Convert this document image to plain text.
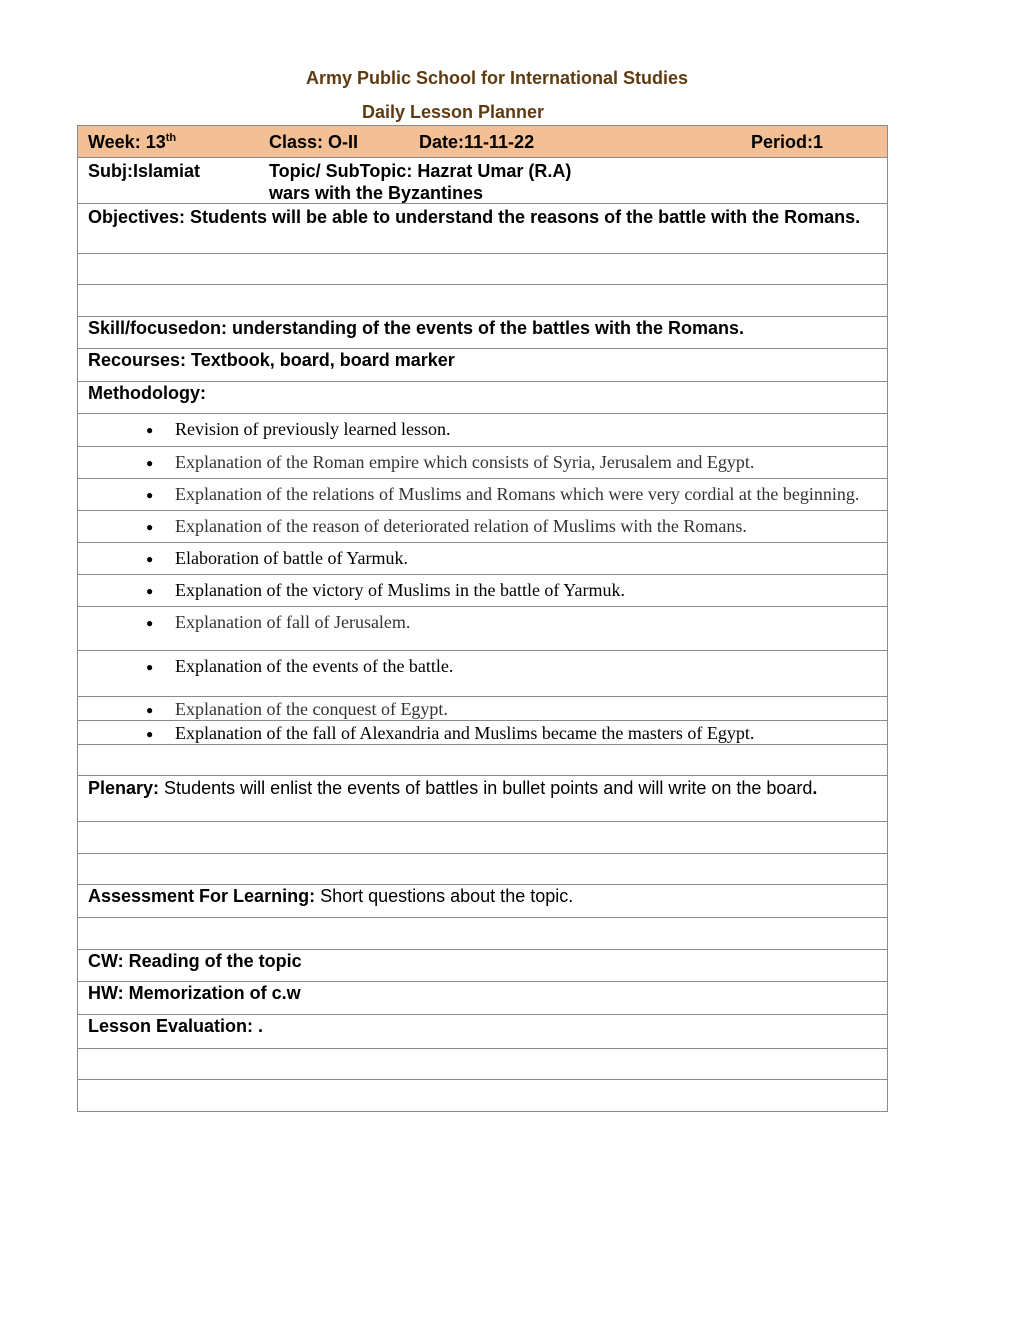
Army Public School for International Studies
Daily Lesson Planner
Week: 13th	Class: O-II	Date:11-11-22	Period:1

Subj:Islamiat	Topic/ SubTopic: Hazrat Umar (R.A)
wars with the Byzantines

Objectives: Students will be able to understand the reasons of the battle with the Romans.

Skill/focusedon: understanding of the events of the battles with the Romans.
Recourses: Textbook, board, board marker
Methodology:

● Revision of previously learned lesson.

● Explanation of the Roman empire which consists of Syria, Jerusalem and Egypt.

● Explanation of the relations of Muslims and Romans which were very cordial at the beginning.

● Explanation of the reason of deteriorated relation of Muslims with the Romans.

● Elaboration of battle of Yarmuk.

● Explanation of the victory of Muslims in the battle of Yarmuk.

● Explanation of fall of Jerusalem.

● Explanation of the events of the battle.

● Explanation of the conquest of Egypt.

● Explanation of the fall of Alexandria and Muslims became the masters of Egypt.

Plenary: Students will enlist the events of battles in bullet points and will write on the board.

Assessment For Learning: Short questions about the topic.

CW: Reading of the topic
HW: Memorization of c.w
Lesson Evaluation: .
